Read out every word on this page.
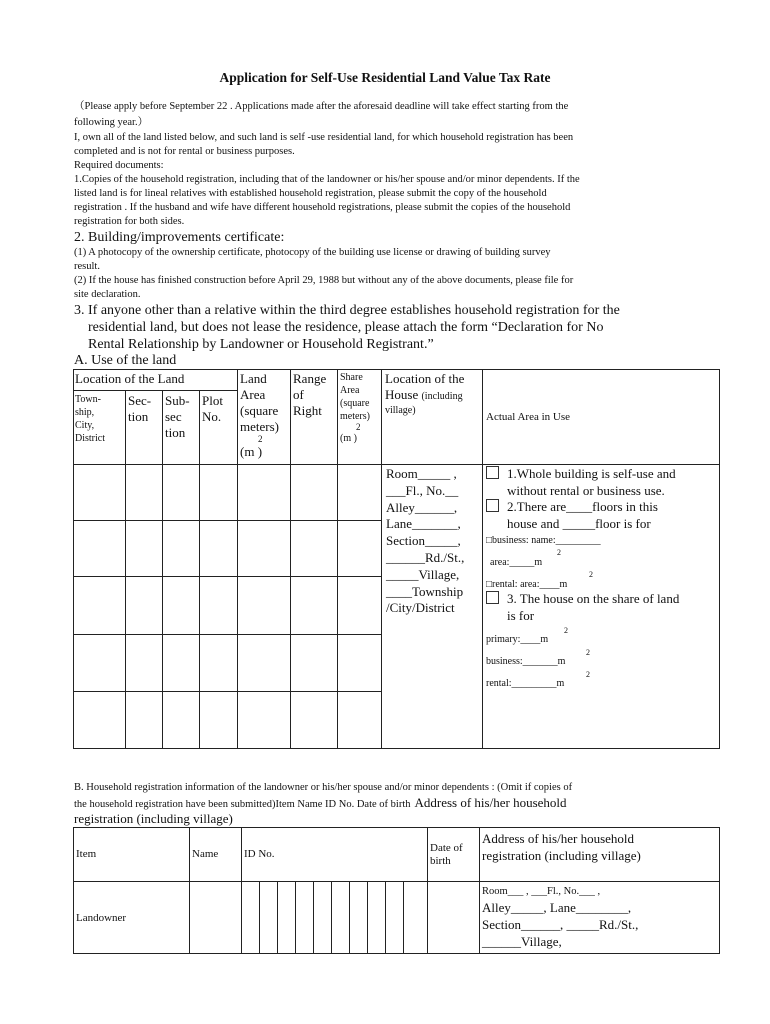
Application for Self-Use Residential Land Value Tax Rate
（Please apply before September 22 . Applications made after the aforesaid deadline will take effect starting from the
following year.）
I, own all of the land listed below, and such land is self -use residential land, for which household registration has been
completed and is not for rental or business purposes.
Required documents:
1.Copies of the household registration, including that of the landowner or his/her spouse and/or minor dependents. If the
listed land is for lineal relatives with established household registration, please submit the copy of the household
registration . If the husband and wife have different household registrations, please submit the copies of the household
registration for both sides.
2. Building/improvements certificate:
(1) A photocopy of the ownership certificate, photocopy of the building use license or drawing of building survey
result.
(2) If the house has finished construction before April 29, 1988 but without any of the above documents, please file for
site declaration.
3. If anyone other than a relative within the third degree establishes household registration for the
residential land, but does not lease the residence, please attach the form “Declaration for No
Rental Relationship by Landowner or Household Registrant.”
A. Use of the land
Location of the Land
Town-
ship,
City,
District
Sec-
tion
Sub-
sec
tion
Plot
No.
Land
Area
(square
meters)
2
(m )
Range
of
Right
Share
Area
(square
meters)
2
(m )
Location of the
House (including
village)
Actual Area in Use
Room_____ ,
___Fl., No.__
Alley______,
Lane_______,
Section_____,
______Rd./St.,
_____Village,
____Township
/City/District
1.Whole building is self-use and
without rental or business use.
2.There are____floors in this
house and _____floor is for
□business: name:_________
2
area:_____m
2
□rental: area:____m
3. The house on the share of land
is for
2
primary:____m
2
business:_______m
2
rental:_________m
B. Household registration information of the landowner or his/her spouse and/or minor dependents : (Omit if copies of
the household registration have been submitted)Item Name ID No. Date of birth Address of his/her household
registration (including village)
Item	Name ID No.	Date of
birth
Address of his/her household
registration (including village)
Landowner
Room___ , ___Fl., No.___ ,
Alley_____, Lane________,
Section______, _____Rd./St.,
______Village,
